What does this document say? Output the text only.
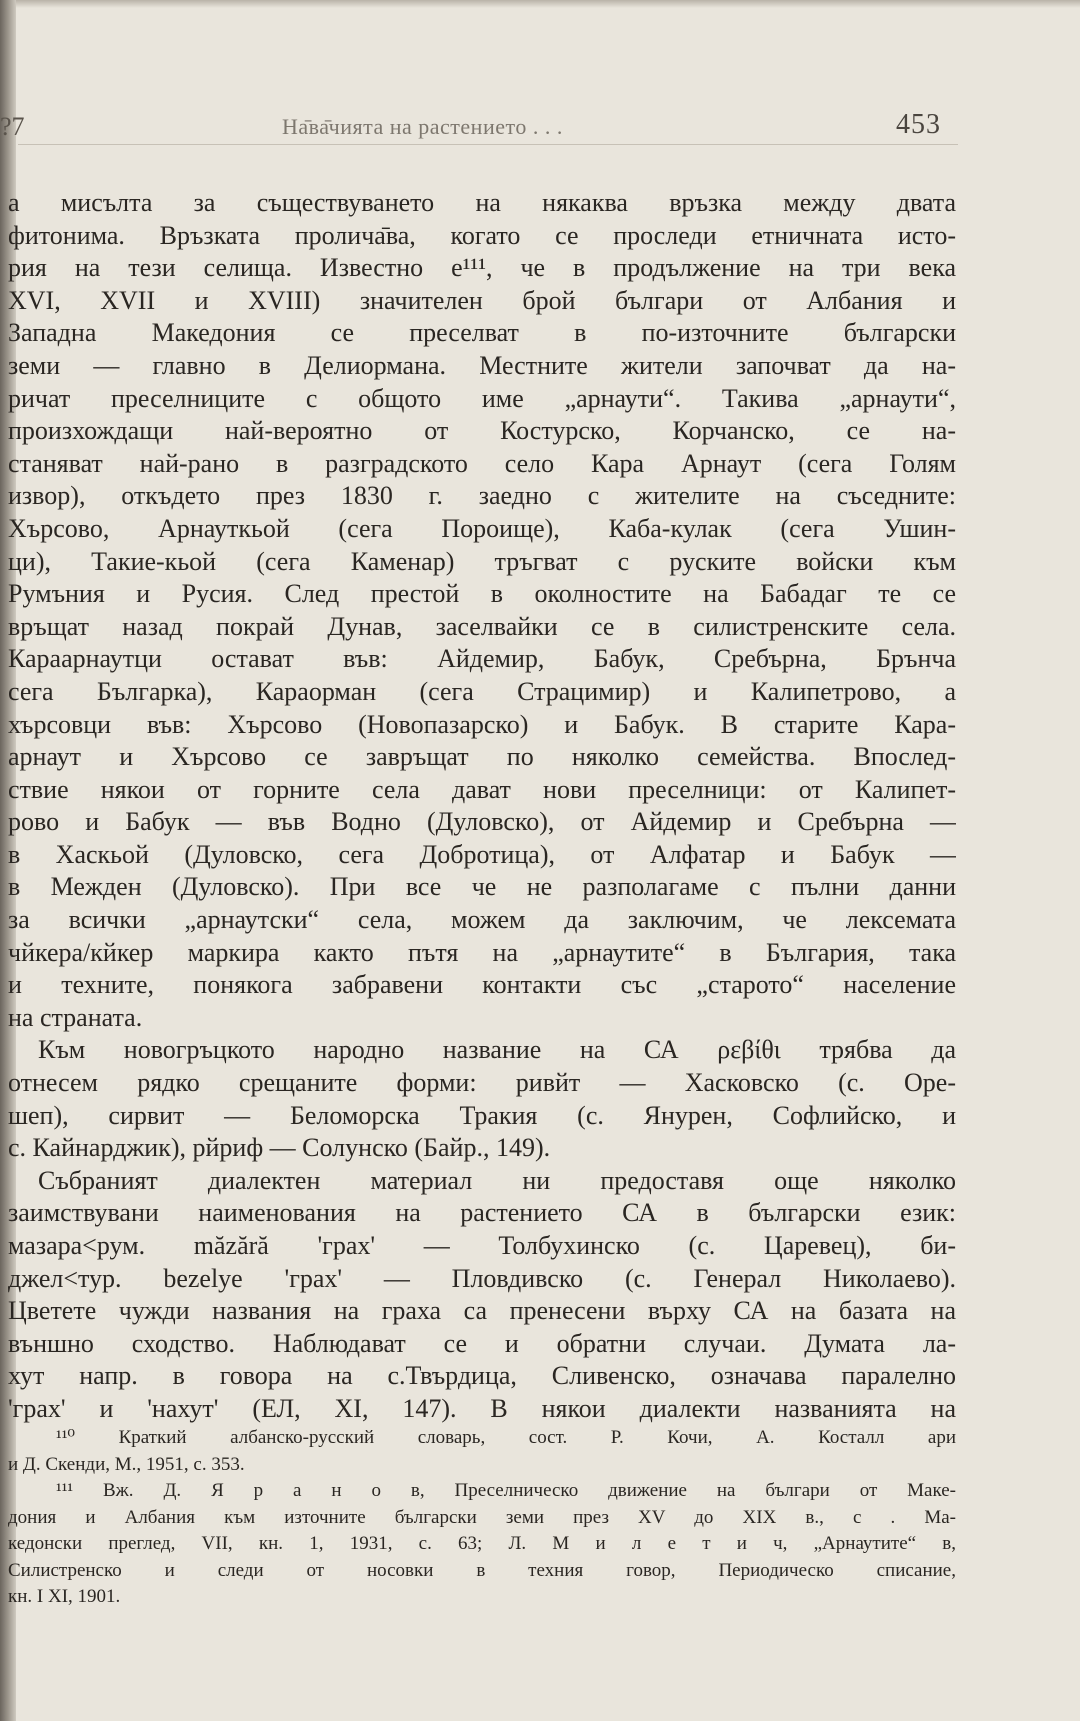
?7	На̄ва̄чията на растението . . .	453
а мисълта за съществуването на някаква връзка между двата
фитонима. Връзката пролича̄ва, когато се проследи етничната исто-
рия на тези селища. Известно е¹¹¹, че в продължение на три века
XVI, XVII и XVIII) значителен брой българи от Албания и
Западна Македония се преселват в по-източните български
земи — главно в Делиормана. Местните жители започват да на-
ричат преселниците с общото име „арнаути“. Такива „арнаути“,
произхождащи най-вероятно от Костурско, Корчанско, се на-
станяват най-рано в разградското село Кара Арнаут (сега Голям
извор), откъдето през 1830 г. заедно с жителите на съседните:
Хърсово, Арнауткьой (сега Пороище), Каба-кулак (сега Ушин-
ци), Такие-кьой (сега Каменар) тръгват с руските войски към
Румъния и Русия. След престой в околностите на Бабадаг те се
връщат назад покрай Дунав, заселвайки се в силистренските села.
Караарнаутци остават във: Айдемир, Бабук, Сребърна, Брънча
сега Българка), Караорман (сега Страцимир) и Калипетрово, а
хърсовци във: Хърсово (Новопазарско) и Бабук. В старите Кара-
арнаут и Хърсово се завръщат по няколко семейства. Впослед-
ствие някои от горните села дават нови преселници: от Калипет-
рово и Бабук — във Водно (Дуловско), от Айдемир и Сребърна —
в Хаскьой (Дуловско, сега Добротица), от Алфатар и Бабук —
в Межден (Дуловско). При все че не разполагаме с пълни данни
за всички „арнаутски“ села, можем да заключим, че лексемата
чйкера/кйкер маркира както пътя на „арнаутите“ в България, така
и техните, понякога забравени контакти със „старото“ население
на страната.
Към новогръцкото народно название на СА ρεβίθι трябва да
отнесем рядко срещаните форми: ривйт — Хасковско (с. Оре-
шеп), сирвит — Беломорска Тракия (с. Янурен, Софлийско, и
с. Кайнарджик), рйриф — Солунско (Байр., 149).
Събраният диалектен материал ни предоставя още няколко
заимствувани наименования на растението СА в български език:
мазара<рум. măzără 'грах' — Толбухинско (с. Царевец), би-
джел<тур. bezelye 'грах' — Пловдивско (с. Генерал Николаево).
Цветете чужди названия на граха са пренесени върху СА на базата на
външно сходство. Наблюдават се и обратни случаи. Думата ла-
хут напр. в говора на с.Твърдица, Сливенско, означава паралелно
'грах' и 'нахут' (ЕЛ, XI, 147). В някои диалекти названията на
¹¹⁰ Краткий албанско-русский словарь, сост. Р. Кочи, А. Косталл ари
и Д. Скенди, М., 1951, с. 353.
¹¹¹ Вж. Д. Я р а н о в, Преселническо движение на българи от Маке-
дония и Албания към източните български земи през XV до XIX в., с . Ма-
кедонски преглед, VII, кн. 1, 1931, с. 63; Л. М и л е т и ч, „Арнаутите“ в,
Силистренско и следи от носовки в техния говор, Периодическо списание,
кн. I XI, 1901.
